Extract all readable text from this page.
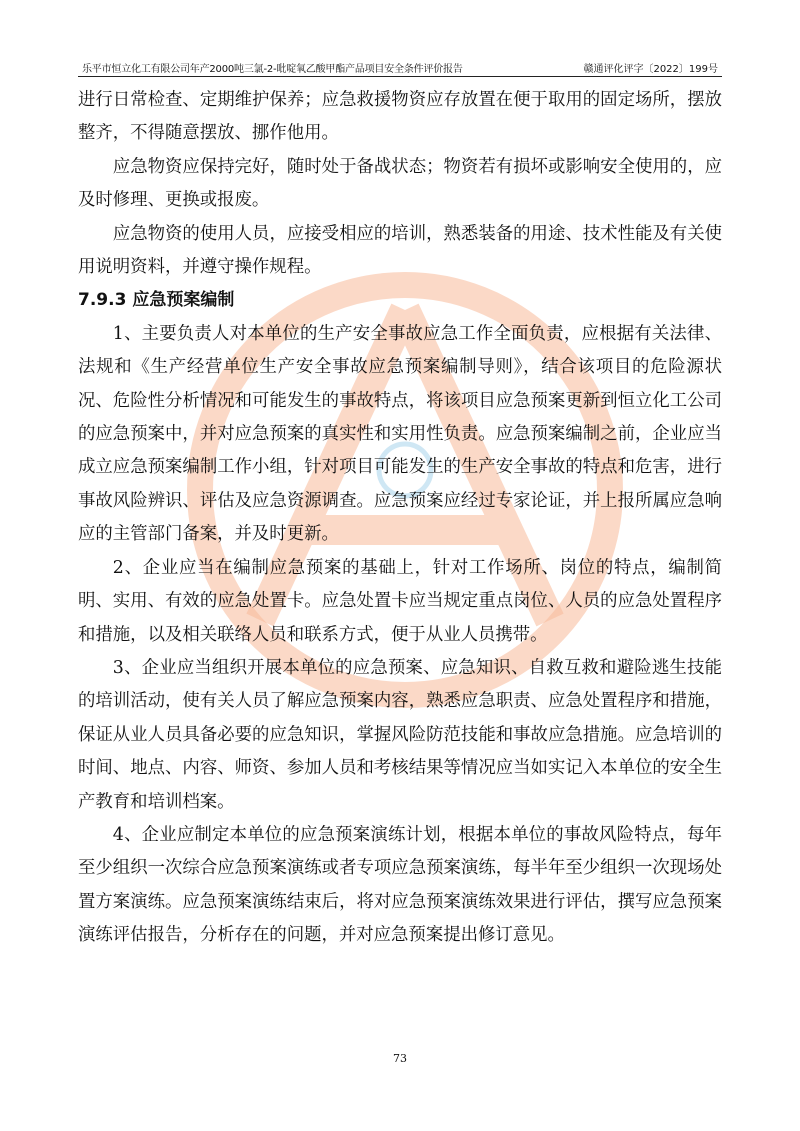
乐平市恒立化工有限公司年产2000吨三氯-2-吡啶氧乙酸甲酯产品项目安全条件评价报告	赣通评化评字〔2022〕199号

进行日常检查、定期维护保养；应急救援物资应存放置在便于取用的固定场所，摆放整齐，不得随意摆放、挪作他用。

应急物资应保持完好，随时处于备战状态；物资若有损坏或影响安全使用的，应及时修理、更换或报废。

应急物资的使用人员，应接受相应的培训，熟悉装备的用途、技术性能及有关使用说明资料，并遵守操作规程。

7.9.3 应急预案编制

1、主要负责人对本单位的生产安全事故应急工作全面负责，应根据有关法律、法规和《生产经营单位生产安全事故应急预案编制导则》，结合该项目的危险源状况、危险性分析情况和可能发生的事故特点，将该项目应急预案更新到恒立化工公司的应急预案中，并对应急预案的真实性和实用性负责。应急预案编制之前，企业应当成立应急预案编制工作小组，针对项目可能发生的生产安全事故的特点和危害，进行事故风险辨识、评估及应急资源调查。应急预案应经过专家论证，并上报所属应急响应的主管部门备案，并及时更新。

2、企业应当在编制应急预案的基础上，针对工作场所、岗位的特点，编制简明、实用、有效的应急处置卡。应急处置卡应当规定重点岗位、人员的应急处置程序和措施，以及相关联络人员和联系方式，便于从业人员携带。

3、企业应当组织开展本单位的应急预案、应急知识、自救互救和避险逃生技能的培训活动，使有关人员了解应急预案内容，熟悉应急职责、应急处置程序和措施，保证从业人员具备必要的应急知识，掌握风险防范技能和事故应急措施。应急培训的时间、地点、内容、师资、参加人员和考核结果等情况应当如实记入本单位的安全生产教育和培训档案。

4、企业应制定本单位的应急预案演练计划，根据本单位的事故风险特点，每年至少组织一次综合应急预案演练或者专项应急预案演练，每半年至少组织一次现场处置方案演练。应急预案演练结束后，将对应急预案演练效果进行评估，撰写应急预案演练评估报告，分析存在的问题，并对应急预案提出修订意见。

73
